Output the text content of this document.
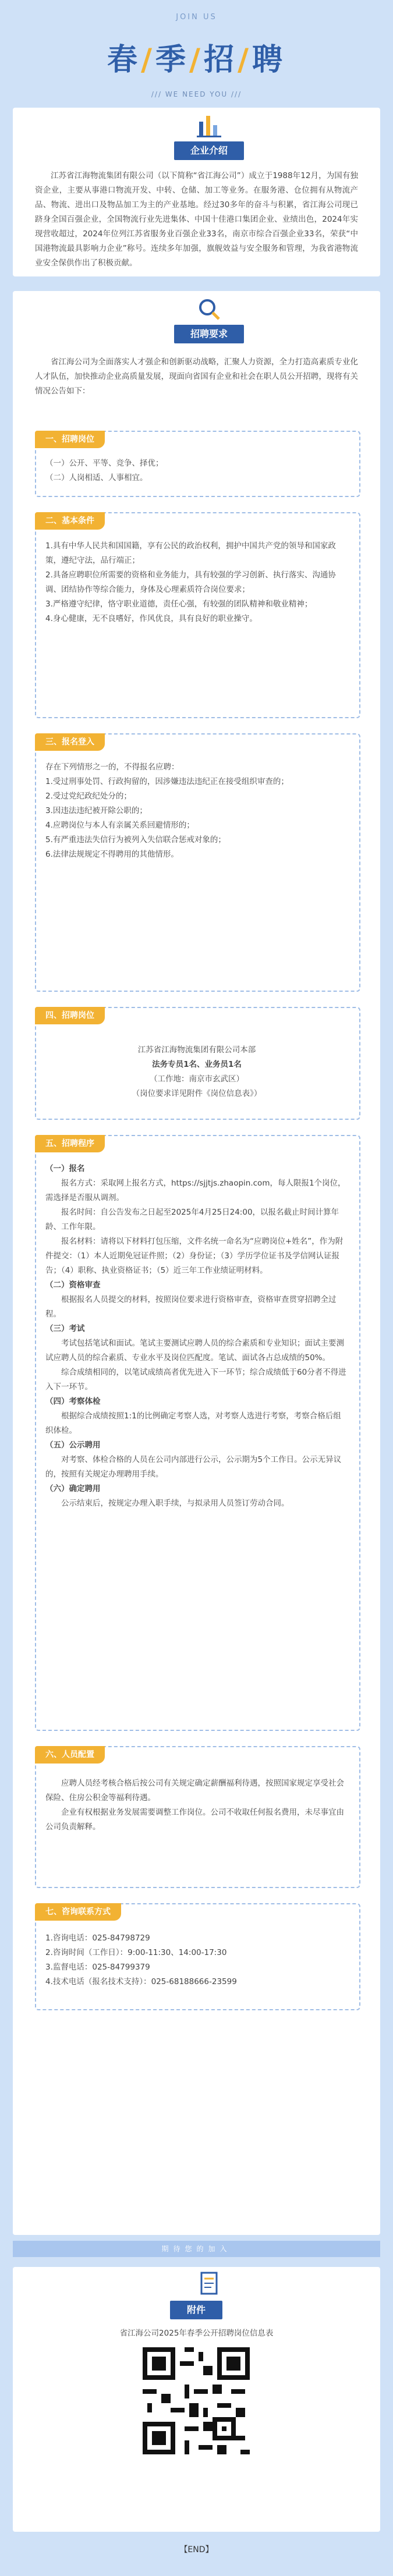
JOIN US
春/季/招/聘
/// WE NEED YOU ///
企业介绍
江苏省江海物流集团有限公司（以下简称“省江海公司”）成立于1988年12月，为国有独资企业，主要从事港口物流开发、中转、仓储、加工等业务。在服务港、仓位拥有从物流产品、物流、进出口及物品加工为主的产业基地。经过30多年的奋斗与积累，省江海公司现已跻身全国百强企业，全国物流行业先进集体、中国十佳港口集团企业、业绩出色，2024年实现营收超过，2024年位列江苏省服务业百强企业33名，南京市综合百强企业33名，荣获“中国港物流最具影响力企业”称号。连续多年加强，旗舰效益与安全服务和管理，为我省港物流业安全保供作出了积极贡献。
招聘要求
省江海公司为全面落实人才强企和创新驱动战略，汇聚人力资源，全力打造高素质专业化人才队伍，加快推动企业高质量发展，现面向省国有企业和社会在职人员公开招聘，现将有关情况公告如下：
一、招聘岗位
（一）公开、平等、竞争、择优；
（二）人岗相适、人事相宜。
二、基本条件
1.具有中华人民共和国国籍，享有公民的政治权利，拥护中国共产党的领导和国家政策，遵纪守法，品行端正；
2.具备应聘职位所需要的资格和业务能力，具有较强的学习创新、执行落实、沟通协调、团结协作等综合能力，身体及心理素质符合岗位要求；
3.严格遵守纪律，恪守职业道德，责任心强，有较强的团队精神和敬业精神；
4.身心健康，无不良嗜好，作风优良，具有良好的职业操守。
三、报名登入
存在下列情形之一的，不得报名应聘：
1.受过刑事处罚、行政拘留的，因涉嫌违法违纪正在接受组织审查的；
2.受过党纪政纪处分的；
3.因违法违纪被开除公职的；
4.应聘岗位与本人有亲属关系回避情形的；
5.有严重违法失信行为被列入失信联合惩戒对象的；
6.法律法规规定不得聘用的其他情形。
四、招聘岗位
江苏省江海物流集团有限公司本部
法务专员1名、业务员1名
（工作地：南京市玄武区）
（岗位要求详见附件《岗位信息表》）
五、招聘程序
（一）报名
报名方式：采取网上报名方式，https://sjjtjs.zhaopin.com，每人限报1个岗位，需选择是否服从调剂。
报名时间：自公告发布之日起至2025年4月25日24:00，以报名截止时间计算年龄、工作年限。
报名材料：请将以下材料打包压缩，文件名统一命名为“应聘岗位+姓名”，作为附件提交：（1）本人近期免冠证件照；（2）身份证；（3）学历学位证书及学信网认证报告；（4）职称、执业资格证书；（5）近三年工作业绩证明材料。
（二）资格审查
根据报名人员提交的材料，按照岗位要求进行资格审查，资格审查贯穿招聘全过程。
（三）考试
考试包括笔试和面试。笔试主要测试应聘人员的综合素质和专业知识；面试主要测试应聘人员的综合素质、专业水平及岗位匹配度。笔试、面试各占总成绩的50%。
综合成绩相同的，以笔试成绩高者优先进入下一环节；综合成绩低于60分者不得进入下一环节。
（四）考察体检
根据综合成绩按照1:1的比例确定考察人选，对考察人选进行考察，考察合格后组织体检。
（五）公示聘用
对考察、体检合格的人员在公司内部进行公示，公示期为5个工作日。公示无异议的，按照有关规定办理聘用手续。
（六）确定聘用
公示结束后，按规定办理入职手续，与拟录用人员签订劳动合同。
六、人员配置
应聘人员经考核合格后按公司有关规定确定薪酬福利待遇，按照国家规定享受社会保险、住房公积金等福利待遇。
企业有权根据业务发展需要调整工作岗位。公司不收取任何报名费用，未尽事宜由公司负责解释。
七、咨询联系方式
1.咨询电话：025-84798729
2.咨询时间（工作日）：9:00-11:30、14:00-17:30
3.监督电话：025-84799379
4.技术电话（报名技术支持）：025-68188666-23599
期待您的加入
附件
省江海公司2025年春季公开招聘岗位信息表
【END】
